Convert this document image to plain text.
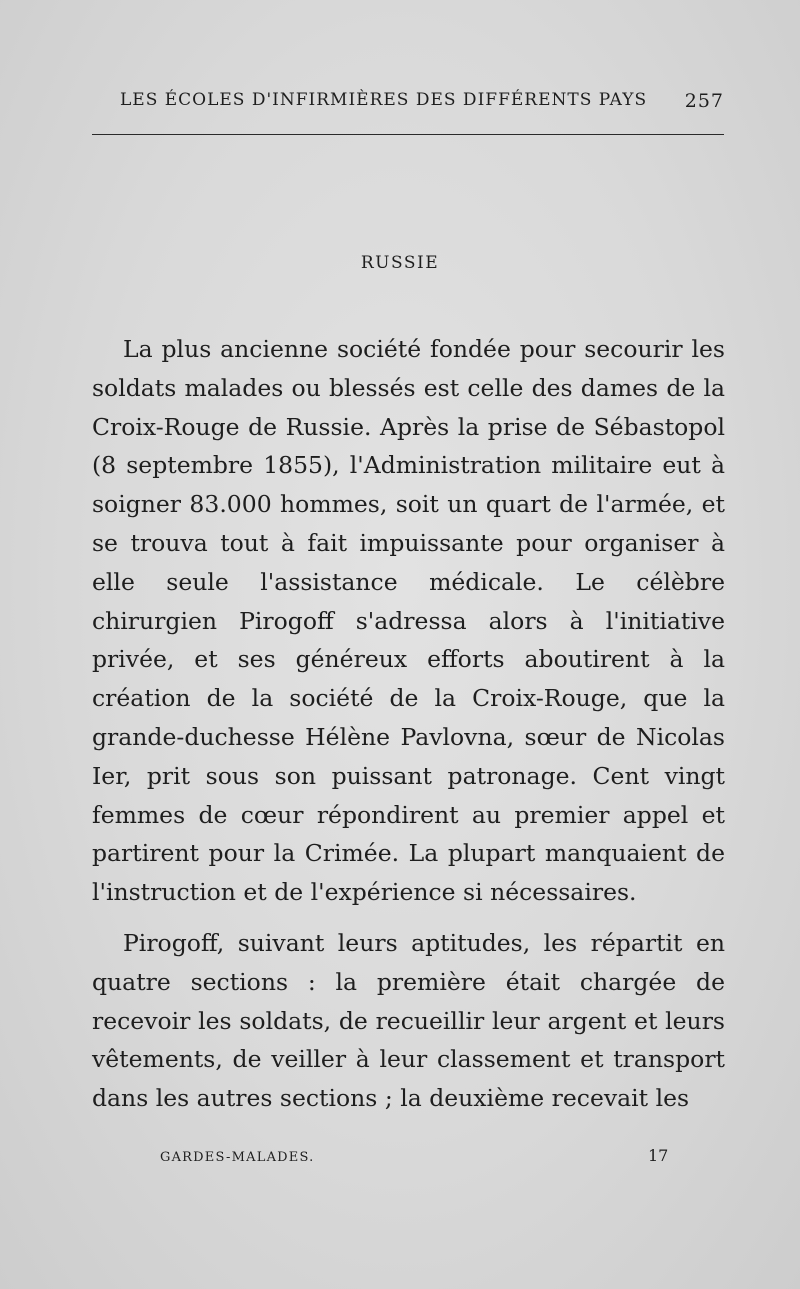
LES ÉCOLES D'INFIRMIÈRES DES DIFFÉRENTS PAYS 257
RUSSIE

La plus ancienne société fondée pour secourir les soldats malades ou blessés est celle des dames de la Croix-Rouge de Russie. Après la prise de Sébastopol (8 septembre 1855), l'Administration militaire eut à soigner 83.000 hommes, soit un quart de l'armée, et se trouva tout à fait impuissante pour organiser à elle seule l'assistance médicale. Le célèbre chirurgien Pirogoff s'adressa alors à l'initiative privée, et ses généreux efforts aboutirent à la création de la société de la Croix-Rouge, que la grande-duchesse Hélène Pavlovna, sœur de Nicolas Ier, prit sous son puissant patronage. Cent vingt femmes de cœur répondirent au premier appel et partirent pour la Crimée. La plupart manquaient de l'instruction et de l'expérience si nécessaires.

Pirogoff, suivant leurs aptitudes, les répartit en quatre sections : la première était chargée de recevoir les soldats, de recueillir leur argent et leurs vêtements, de veiller à leur classement et transport dans les autres sections ; la deuxième recevait les

GARDES-MALADES.	17
